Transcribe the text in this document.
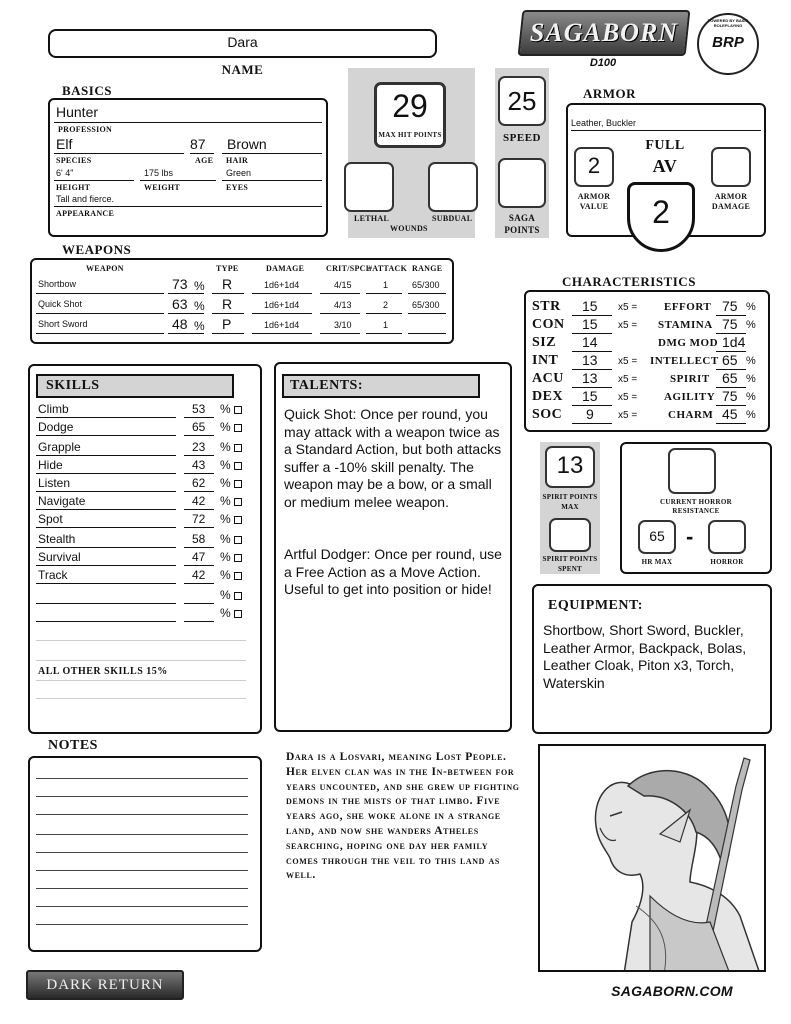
Dara
NAME
SAGABORN
D100
POWERED BY BASIC ROLEPLAYING
BRP
BASICS
Hunter
PROFESSION
Elf	87 Brown
SPECIES	AGE HAIR
6' 4"	175 lbs	Green
HEIGHT	WEIGHT	EYES
Tall and fierce.
APPEARANCE
29
MAX HIT POINTS
LETHAL	SUBDUAL
WOUNDS
25
SPEED
SAGA
POINTS
ARMOR
Leather, Buckler
FULL
AV
2
ARMOR
VALUE	2	ARMOR
DAMAGE
WEAPONS
WEAPON	TYPE	DAMAGE	CRIT/SPCL
#ATTACK RANGE
Shortbow	73 % R	1d6+1d4	4/15	1	65/300
Quick Shot	63 % R	1d6+1d4	4/13	2	65/300
Short Sword	48 % P	1d6+1d4	3/10	1
CHARACTERISTICS
STR 15 x5 = EFFORT 75 %
CON 15 x5 = STAMINA 75 %
SIZ 14	DMG MOD 1d4
INT 13 x5 = INTELLECT 65 %
ACU 13 x5 =	SPIRIT 65 %
DEX 15 x5 = AGILITY 75 %
SOC 9 x5 =	CHARM 45 %
13
SPIRIT POINTS
MAX
SPIRIT POINTS
SPENT
CURRENT HORROR
RESISTANCE
65 -
HR MAX	HORROR
SKILLS
Climb	53 %
Dodge	65 %
Grapple	23 %
Hide	43 %
Listen	62 %
Navigate	42 %
Spot	72 %
Stealth	58 %
Survival	47 %
Track	42 %
%
%
ALL OTHER SKILLS 15%
TALENTS:
Quick Shot: Once per round, you may attack with a weapon twice as a Standard Action, but both attacks suffer a -10% skill penalty. The weapon may be a bow, or a small or medium melee weapon.
Artful Dodger: Once per round, use a Free Action as a Move Action. Useful to get into position or hide!
EQUIPMENT:
Shortbow, Short Sword, Buckler, Leather Armor, Backpack, Bolas, Leather Cloak, Piton x3, Torch, Waterskin
NOTES
Dara is a Losvari, meaning Lost People. Her elven clan was in the In-between for years uncounted, and she grew up fighting demons in the mists of that limbo. Five years ago, she woke alone in a strange land, and now she wanders Atheles searching, hoping one day her family comes through the veil to this land as well.
DARK RETURN	SAGABORN.COM
